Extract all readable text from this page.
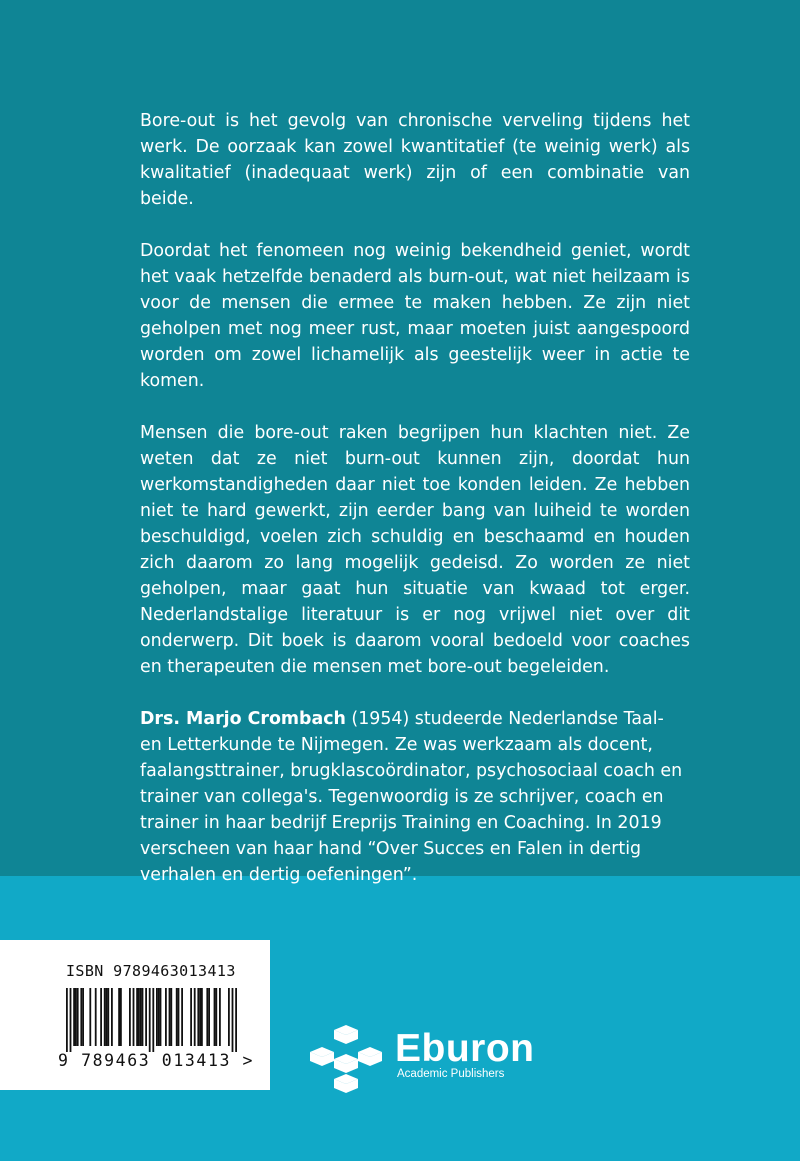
Bore-out is het gevolg van chronische verveling tijdens het werk. De oorzaak kan zowel kwantitatief (te weinig werk) als kwalitatief (inadequaat werk) zijn of een combinatie van beide.

Doordat het fenomeen nog weinig bekendheid geniet, wordt het vaak hetzelfde benaderd als burn-out, wat niet heilzaam is voor de mensen die ermee te maken hebben. Ze zijn niet geholpen met nog meer rust, maar moeten juist aangespoord worden om zowel lichamelijk als geestelijk weer in actie te komen.

Mensen die bore-out raken begrijpen hun klachten niet. Ze weten dat ze niet burn-out kunnen zijn, doordat hun werkomstandigheden daar niet toe konden leiden. Ze hebben niet te hard gewerkt, zijn eerder bang van luiheid te worden beschuldigd, voelen zich schuldig en beschaamd en houden zich daarom zo lang mogelijk gedeisd. Zo worden ze niet geholpen, maar gaat hun situatie van kwaad tot erger. Nederlandstalige literatuur is er nog vrijwel niet over dit onderwerp. Dit boek is daarom vooral bedoeld voor coaches en therapeuten die mensen met bore-out begeleiden.

Drs. Marjo Crombach (1954) studeerde Nederlandse Taal- en Letterkunde te Nijmegen. Ze was werkzaam als docent, faalangsttrainer, brugklascoördinator, psychosociaal coach en trainer van collega's. Tegenwoordig is ze schrijver, coach en trainer in haar bedrijf Ereprijs Training en Coaching. In 2019 verscheen van haar hand “Over Succes en Falen in dertig verhalen en dertig oefeningen”.

ISBN 9789463013413
9 789463 013413 >	Eburon
Academic Publishers
